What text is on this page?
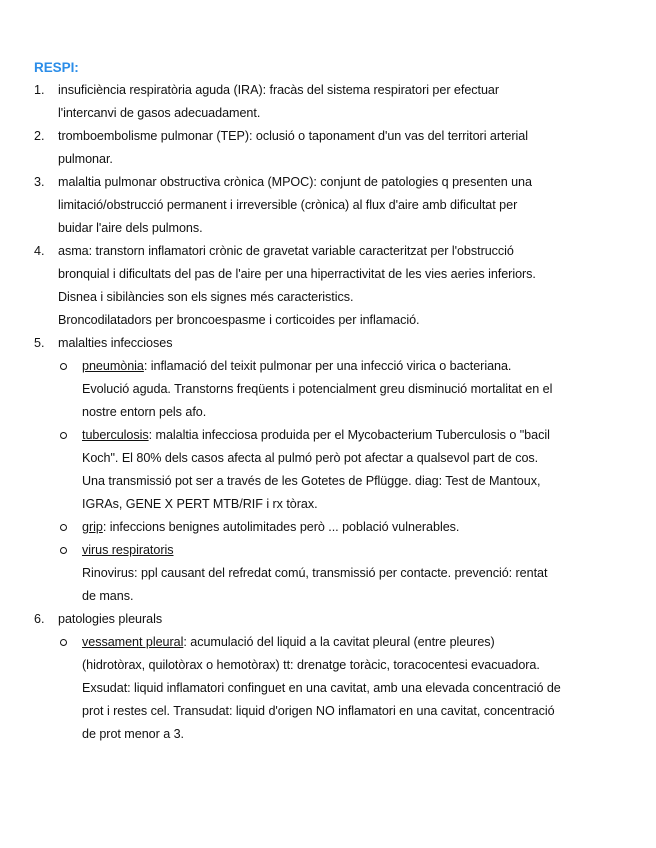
RESPI:
1.	insuficiència respiratòria aguda (IRA): fracàs del sistema respiratori per efectuar
l'intercanvi de gasos adecuadament.
2.	tromboembolisme pulmonar (TEP): oclusió o taponament d'un vas del territori arterial
pulmonar.
3.	malaltia pulmonar obstructiva crònica (MPOC): conjunt de patologies q presenten una
limitació/obstrucció permanent i irreversible (crònica) al flux d'aire amb dificultat per
buidar l'aire dels pulmons.
4.	asma: transtorn inflamatori crònic de gravetat variable caracteritzat per l'obstrucció
bronquial i dificultats del pas de l'aire per una hiperractivitat de les vies aeries inferiors.
Disnea i sibilàncies son els signes més caracteristics.
Broncodilatadors per broncoespasme i corticoides per inflamació.
5.	malalties infeccioses
pneumònia: inflamació del teixit pulmonar per una infecció virica o bacteriana.
Evolució aguda. Transtorns freqüents i potencialment greu disminució mortalitat en el
nostre entorn pels afo.
tuberculosis: malaltia infecciosa produida per el Mycobacterium Tuberculosis o "bacil
Koch". El 80% dels casos afecta al pulmó però pot afectar a qualsevol part de cos.
Una transmissió pot ser a través de les Gotetes de Pflügge. diag: Test de Mantoux,
IGRAs, GENE X PERT MTB/RIF i rx tòrax.
grip: infeccions benignes autolimitades però ... població vulnerables.
virus respiratoris
Rinovirus: ppl causant del refredat comú, transmissió per contacte. prevenció: rentat
de mans.
6.	patologies pleurals
vessament pleural: acumulació del liquid a la cavitat pleural (entre pleures)
(hidrotòrax, quilotòrax o hemotòrax) tt: drenatge toràcic, toracocentesi evacuadora.
Exsudat: liquid inflamatori confinguet en una cavitat, amb una elevada concentració de
prot i restes cel. Transudat: liquid d'origen NO inflamatori en una cavitat, concentració
de prot menor a 3.
